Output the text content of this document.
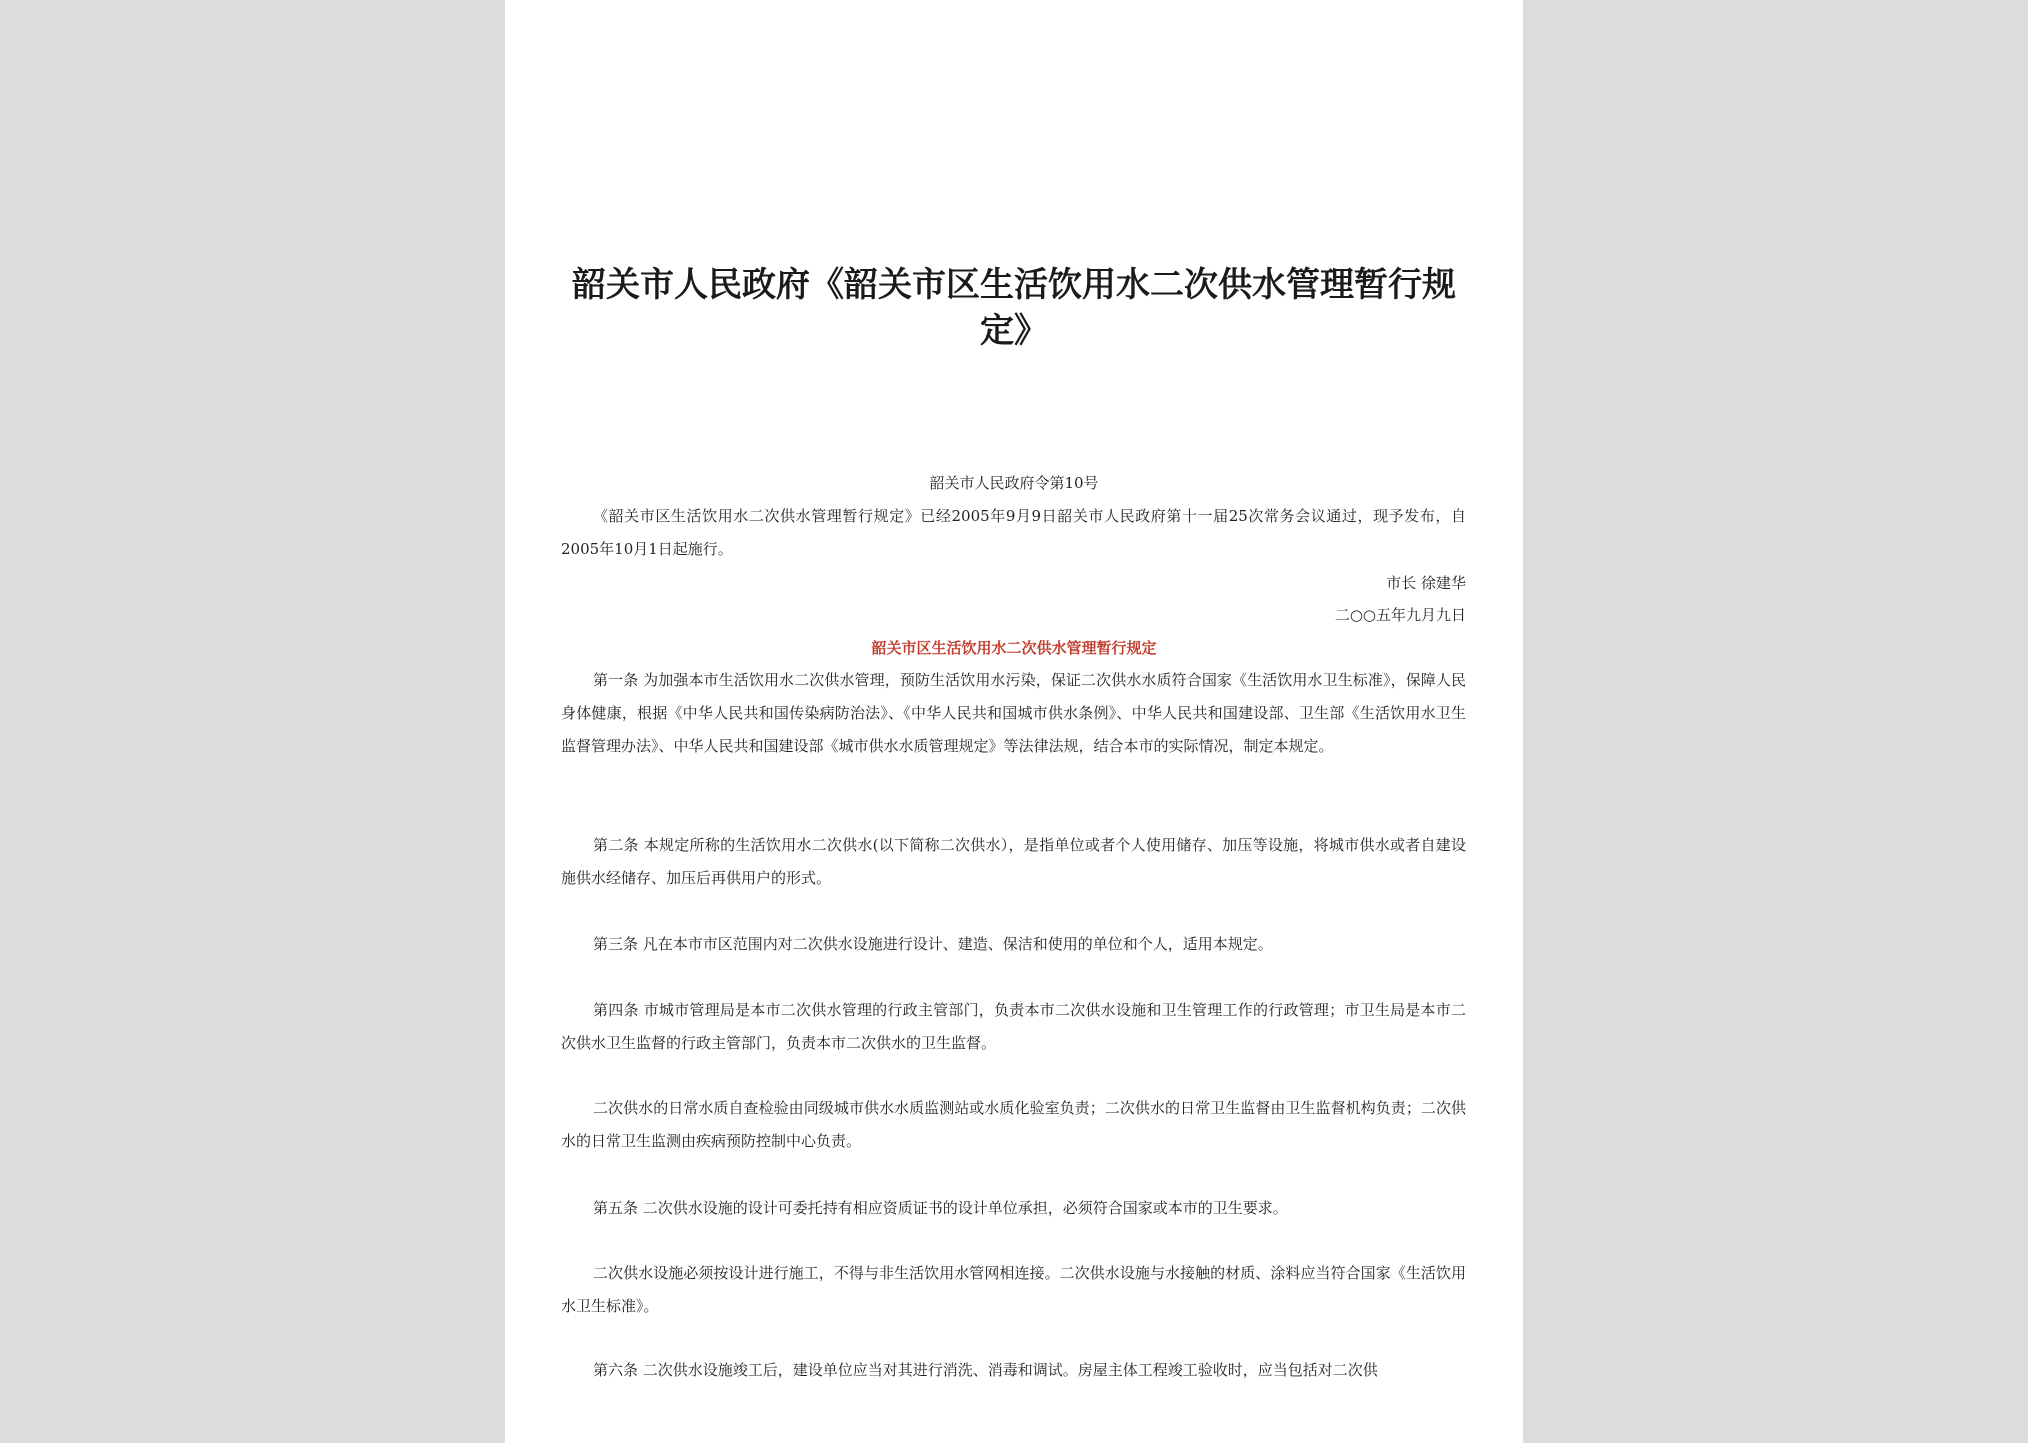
韶关市人民政府《韶关市区生活饮用水二次供水管理暂行规定》
韶关市人民政府令第10号

《韶关市区生活饮用水二次供水管理暂行规定》已经2005年9月9日韶关市人民政府第十一届25次常务会议通过，现予发布，自2005年10月1日起施行。

市长 徐建华
二○○五年九月九日
韶关市区生活饮用水二次供水管理暂行规定

第一条 为加强本市生活饮用水二次供水管理，预防生活饮用水污染，保证二次供水水质符合国家《生活饮用水卫生标准》，保障人民身体健康，根据《中华人民共和国传染病防治法》、《中华人民共和国城市供水条例》、中华人民共和国建设部、卫生部《生活饮用水卫生监督管理办法》、中华人民共和国建设部《城市供水水质管理规定》等法律法规，结合本市的实际情况，制定本规定。

第二条 本规定所称的生活饮用水二次供水(以下简称二次供水），是指单位或者个人使用储存、加压等设施，将城市供水或者自建设施供水经储存、加压后再供用户的形式。

第三条 凡在本市市区范围内对二次供水设施进行设计、建造、保洁和使用的单位和个人，适用本规定。

第四条 市城市管理局是本市二次供水管理的行政主管部门，负责本市二次供水设施和卫生管理工作的行政管理；市卫生局是本市二次供水卫生监督的行政主管部门，负责本市二次供水的卫生监督。

二次供水的日常水质自查检验由同级城市供水水质监测站或水质化验室负责；二次供水的日常卫生监督由卫生监督机构负责；二次供水的日常卫生监测由疾病预防控制中心负责。

第五条 二次供水设施的设计可委托持有相应资质证书的设计单位承担，必须符合国家或本市的卫生要求。

二次供水设施必须按设计进行施工，不得与非生活饮用水管网相连接。二次供水设施与水接触的材质、涂料应当符合国家《生活饮用水卫生标准》。

第六条 二次供水设施竣工后，建设单位应当对其进行消洗、消毒和调试。房屋主体工程竣工验收时，应当包括对二次供
